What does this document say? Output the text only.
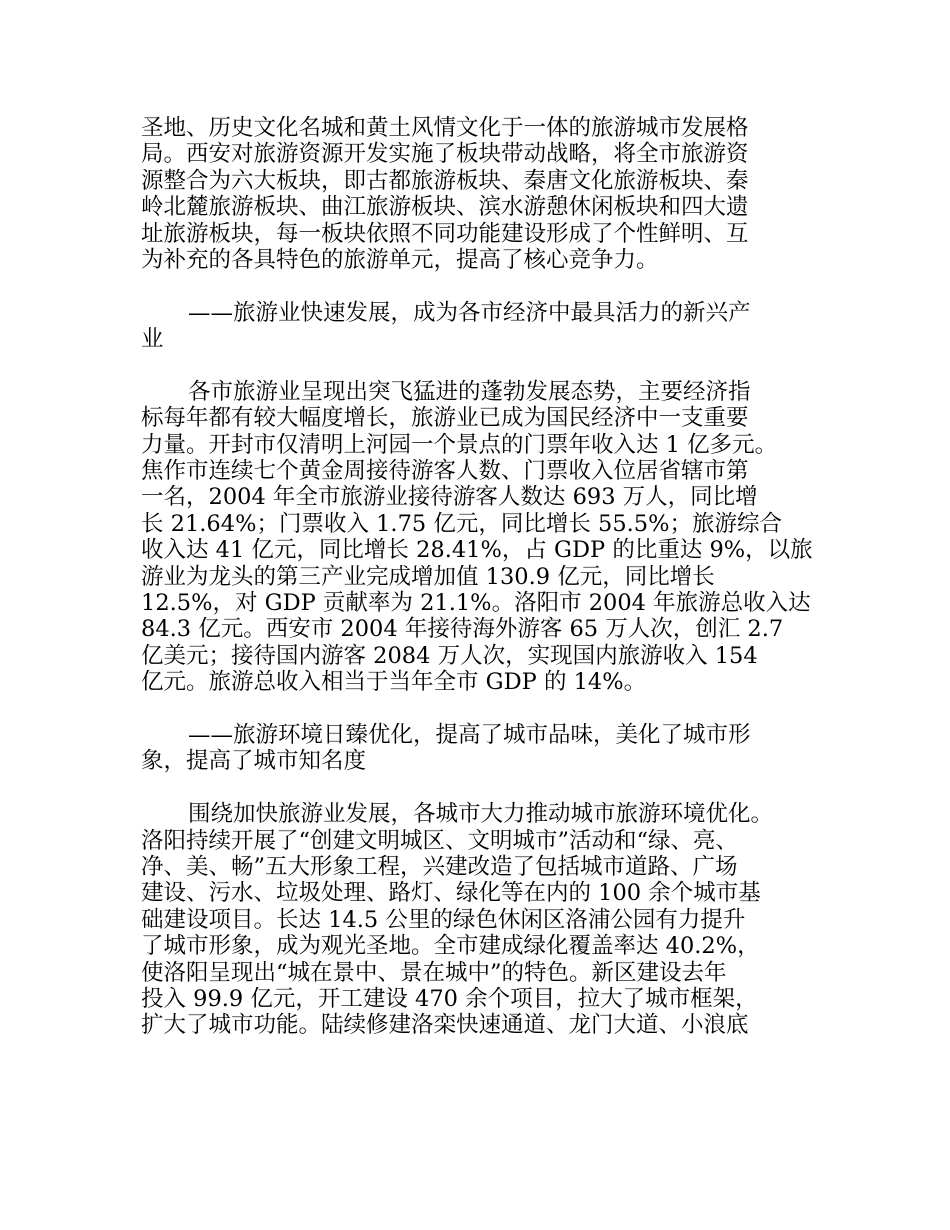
圣地、历史文化名城和黄土风情文化于一体的旅游城市发展格
局。西安对旅游资源开发实施了板块带动战略，将全市旅游资
源整合为六大板块，即古都旅游板块、秦唐文化旅游板块、秦
岭北麓旅游板块、曲江旅游板块、滨水游憩休闲板块和四大遗
址旅游板块，每一板块依照不同功能建设形成了个性鲜明、互
为补充的各具特色的旅游单元，提高了核心竞争力。
——旅游业快速发展，成为各市经济中最具活力的新兴产
业
各市旅游业呈现出突飞猛进的蓬勃发展态势，主要经济指
标每年都有较大幅度增长，旅游业已成为国民经济中一支重要
力量。开封市仅清明上河园一个景点的门票年收入达 1 亿多元。
焦作市连续七个黄金周接待游客人数、门票收入位居省辖市第
一名，2004 年全市旅游业接待游客人数达 693 万人，同比增
长 21.64%；门票收入 1.75 亿元，同比增长 55.5%；旅游综合
收入达 41 亿元，同比增长 28.41%，占 GDP 的比重达 9%，以旅
游业为龙头的第三产业完成增加值 130.9 亿元，同比增长
12.5%，对 GDP 贡献率为 21.1%。洛阳市 2004 年旅游总收入达
84.3 亿元。西安市 2004 年接待海外游客 65 万人次，创汇 2.7
亿美元；接待国内游客 2084 万人次，实现国内旅游收入 154
亿元。旅游总收入相当于当年全市 GDP 的 14%。
——旅游环境日臻优化，提高了城市品味，美化了城市形
象，提高了城市知名度
围绕加快旅游业发展，各城市大力推动城市旅游环境优化。
洛阳持续开展了“创建文明城区、文明城市”活动和“绿、亮、
净、美、畅”五大形象工程，兴建改造了包括城市道路、广场
建设、污水、垃圾处理、路灯、绿化等在内的 100 余个城市基
础建设项目。长达 14.5 公里的绿色休闲区洛浦公园有力提升
了城市形象，成为观光圣地。全市建成绿化覆盖率达 40.2%，
使洛阳呈现出“城在景中、景在城中”的特色。新区建设去年
投入 99.9 亿元，开工建设 470 余个项目，拉大了城市框架，
扩大了城市功能。陆续修建洛栾快速通道、龙门大道、小浪底
